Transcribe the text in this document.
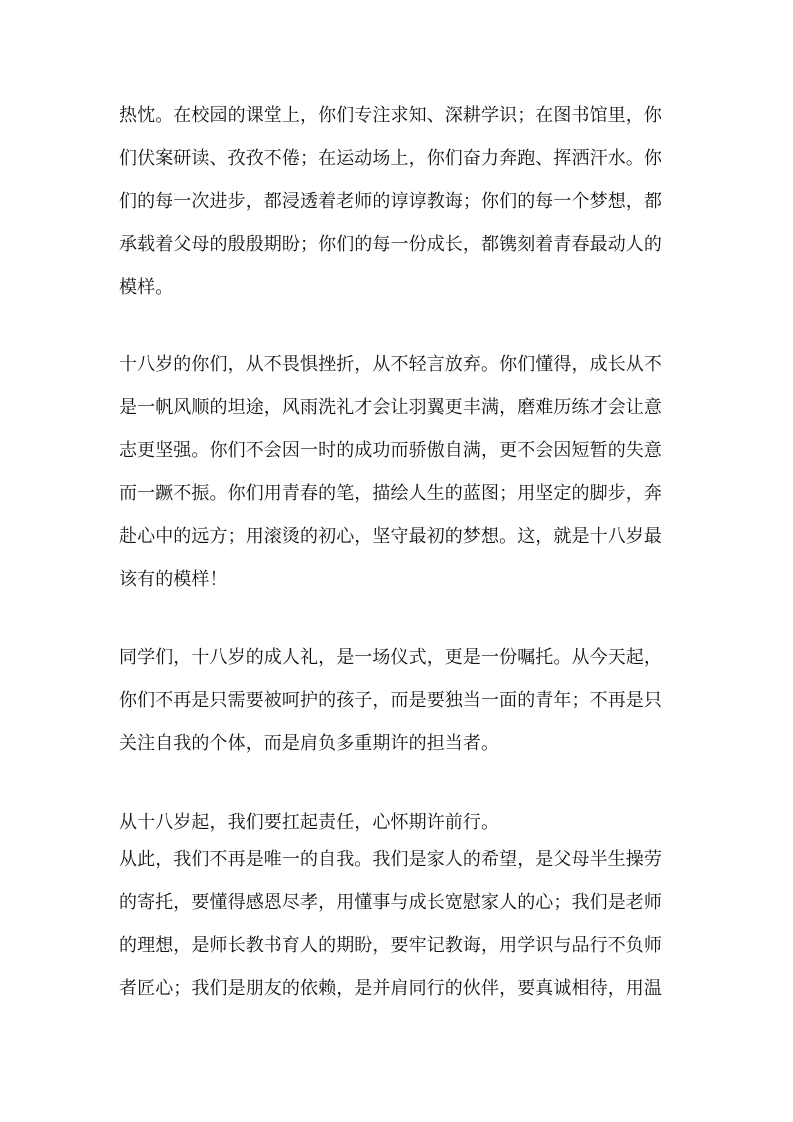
热忱。在校园的课堂上，你们专注求知、深耕学识；在图书馆里，你
们伏案研读、孜孜不倦；在运动场上，你们奋力奔跑、挥洒汗水。你
们的每一次进步，都浸透着老师的谆谆教诲；你们的每一个梦想，都
承载着父母的殷殷期盼；你们的每一份成长，都镌刻着青春最动人的
模样。
十八岁的你们，从不畏惧挫折，从不轻言放弃。你们懂得，成长从不
是一帆风顺的坦途，风雨洗礼才会让羽翼更丰满，磨难历练才会让意
志更坚强。你们不会因一时的成功而骄傲自满，更不会因短暂的失意
而一蹶不振。你们用青春的笔，描绘人生的蓝图；用坚定的脚步，奔
赴心中的远方；用滚烫的初心，坚守最初的梦想。这，就是十八岁最
该有的模样！
同学们，十八岁的成人礼，是一场仪式，更是一份嘱托。从今天起，
你们不再是只需要被呵护的孩子，而是要独当一面的青年；不再是只
关注自我的个体，而是肩负多重期许的担当者。
从十八岁起，我们要扛起责任，心怀期许前行。
从此，我们不再是唯一的自我。我们是家人的希望，是父母半生操劳
的寄托，要懂得感恩尽孝，用懂事与成长宽慰家人的心；我们是老师
的理想，是师长教书育人的期盼，要牢记教诲，用学识与品行不负师
者匠心；我们是朋友的依赖，是并肩同行的伙伴，要真诚相待，用温
